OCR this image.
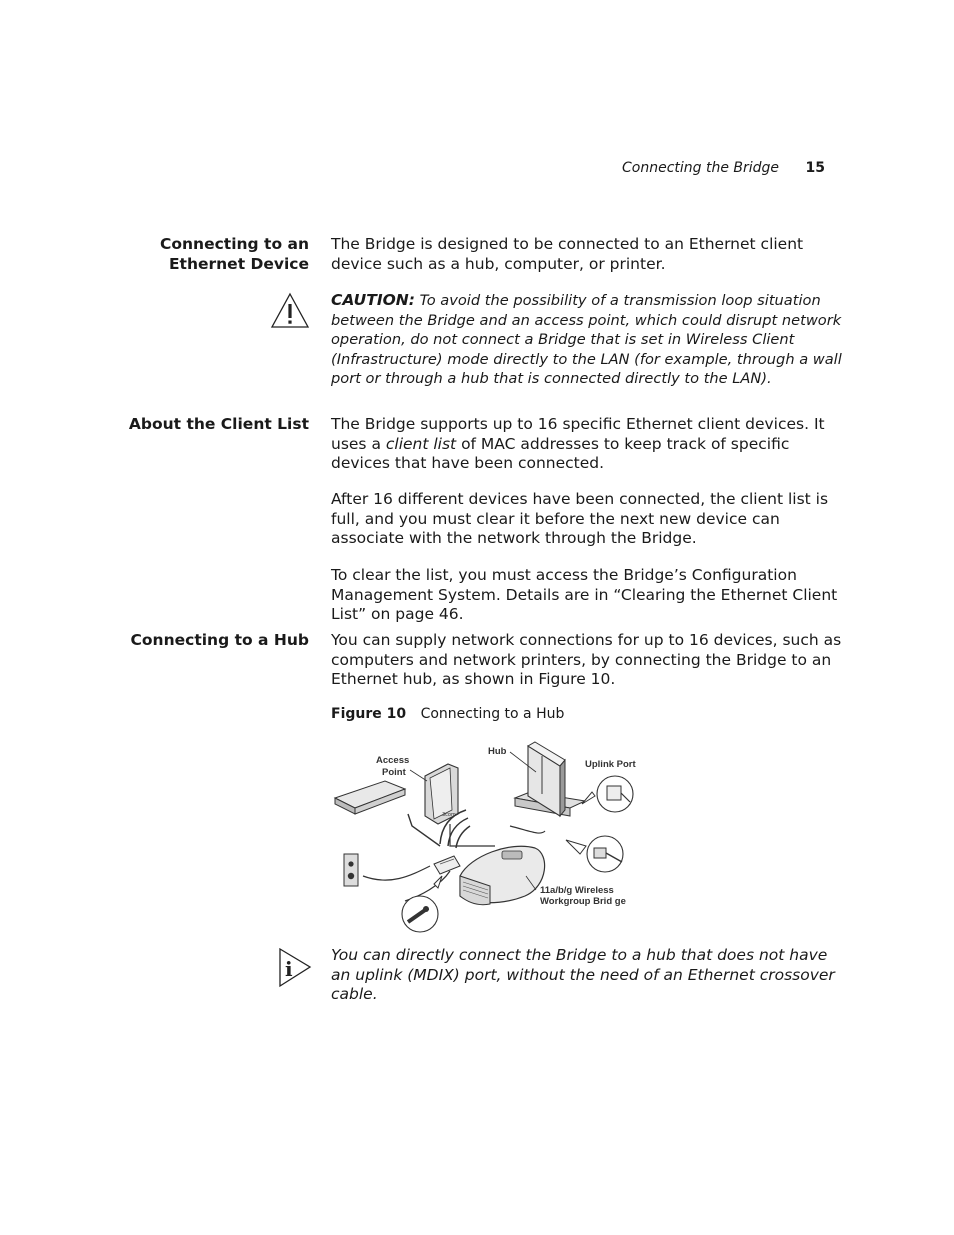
Connecting the Bridge 15
Connecting to an
Ethernet Device

The Bridge is designed to be connected to an Ethernet client device such as a hub, computer, or printer.

CAUTION: To avoid the possibility of a transmission loop situation between the Bridge and an access point, which could disrupt network operation, do not connect a Bridge that is set in Wireless Client (Infrastructure) mode directly to the LAN (for example, through a wall port or through a hub that is connected directly to the LAN).
About the Client List The Bridge supports up to 16 specific Ethernet client devices. It uses a client list of MAC addresses to keep track of specific devices that have been connected.

After 16 different devices have been connected, the client list is full, and you must clear it before the next new device can associate with the network through the Bridge.

To clear the list, you must access the Bridge’s Configuration Management System. Details are in “Clearing the Ethernet Client List” on page 46.

Connecting to a Hub You can supply network connections for up to 16 devices, such as computers and network printers, by connecting the Bridge to an Ethernet hub, as shown in Figure 10.

Figure 10 Connecting to a Hub
3com
Access
Point
Hub
Uplink Port
11a/b/g Wireless
Workgroup Brid ge
i

You can directly connect the Bridge to a hub that does not have an uplink (MDIX) port, without the need of an Ethernet crossover cable.
